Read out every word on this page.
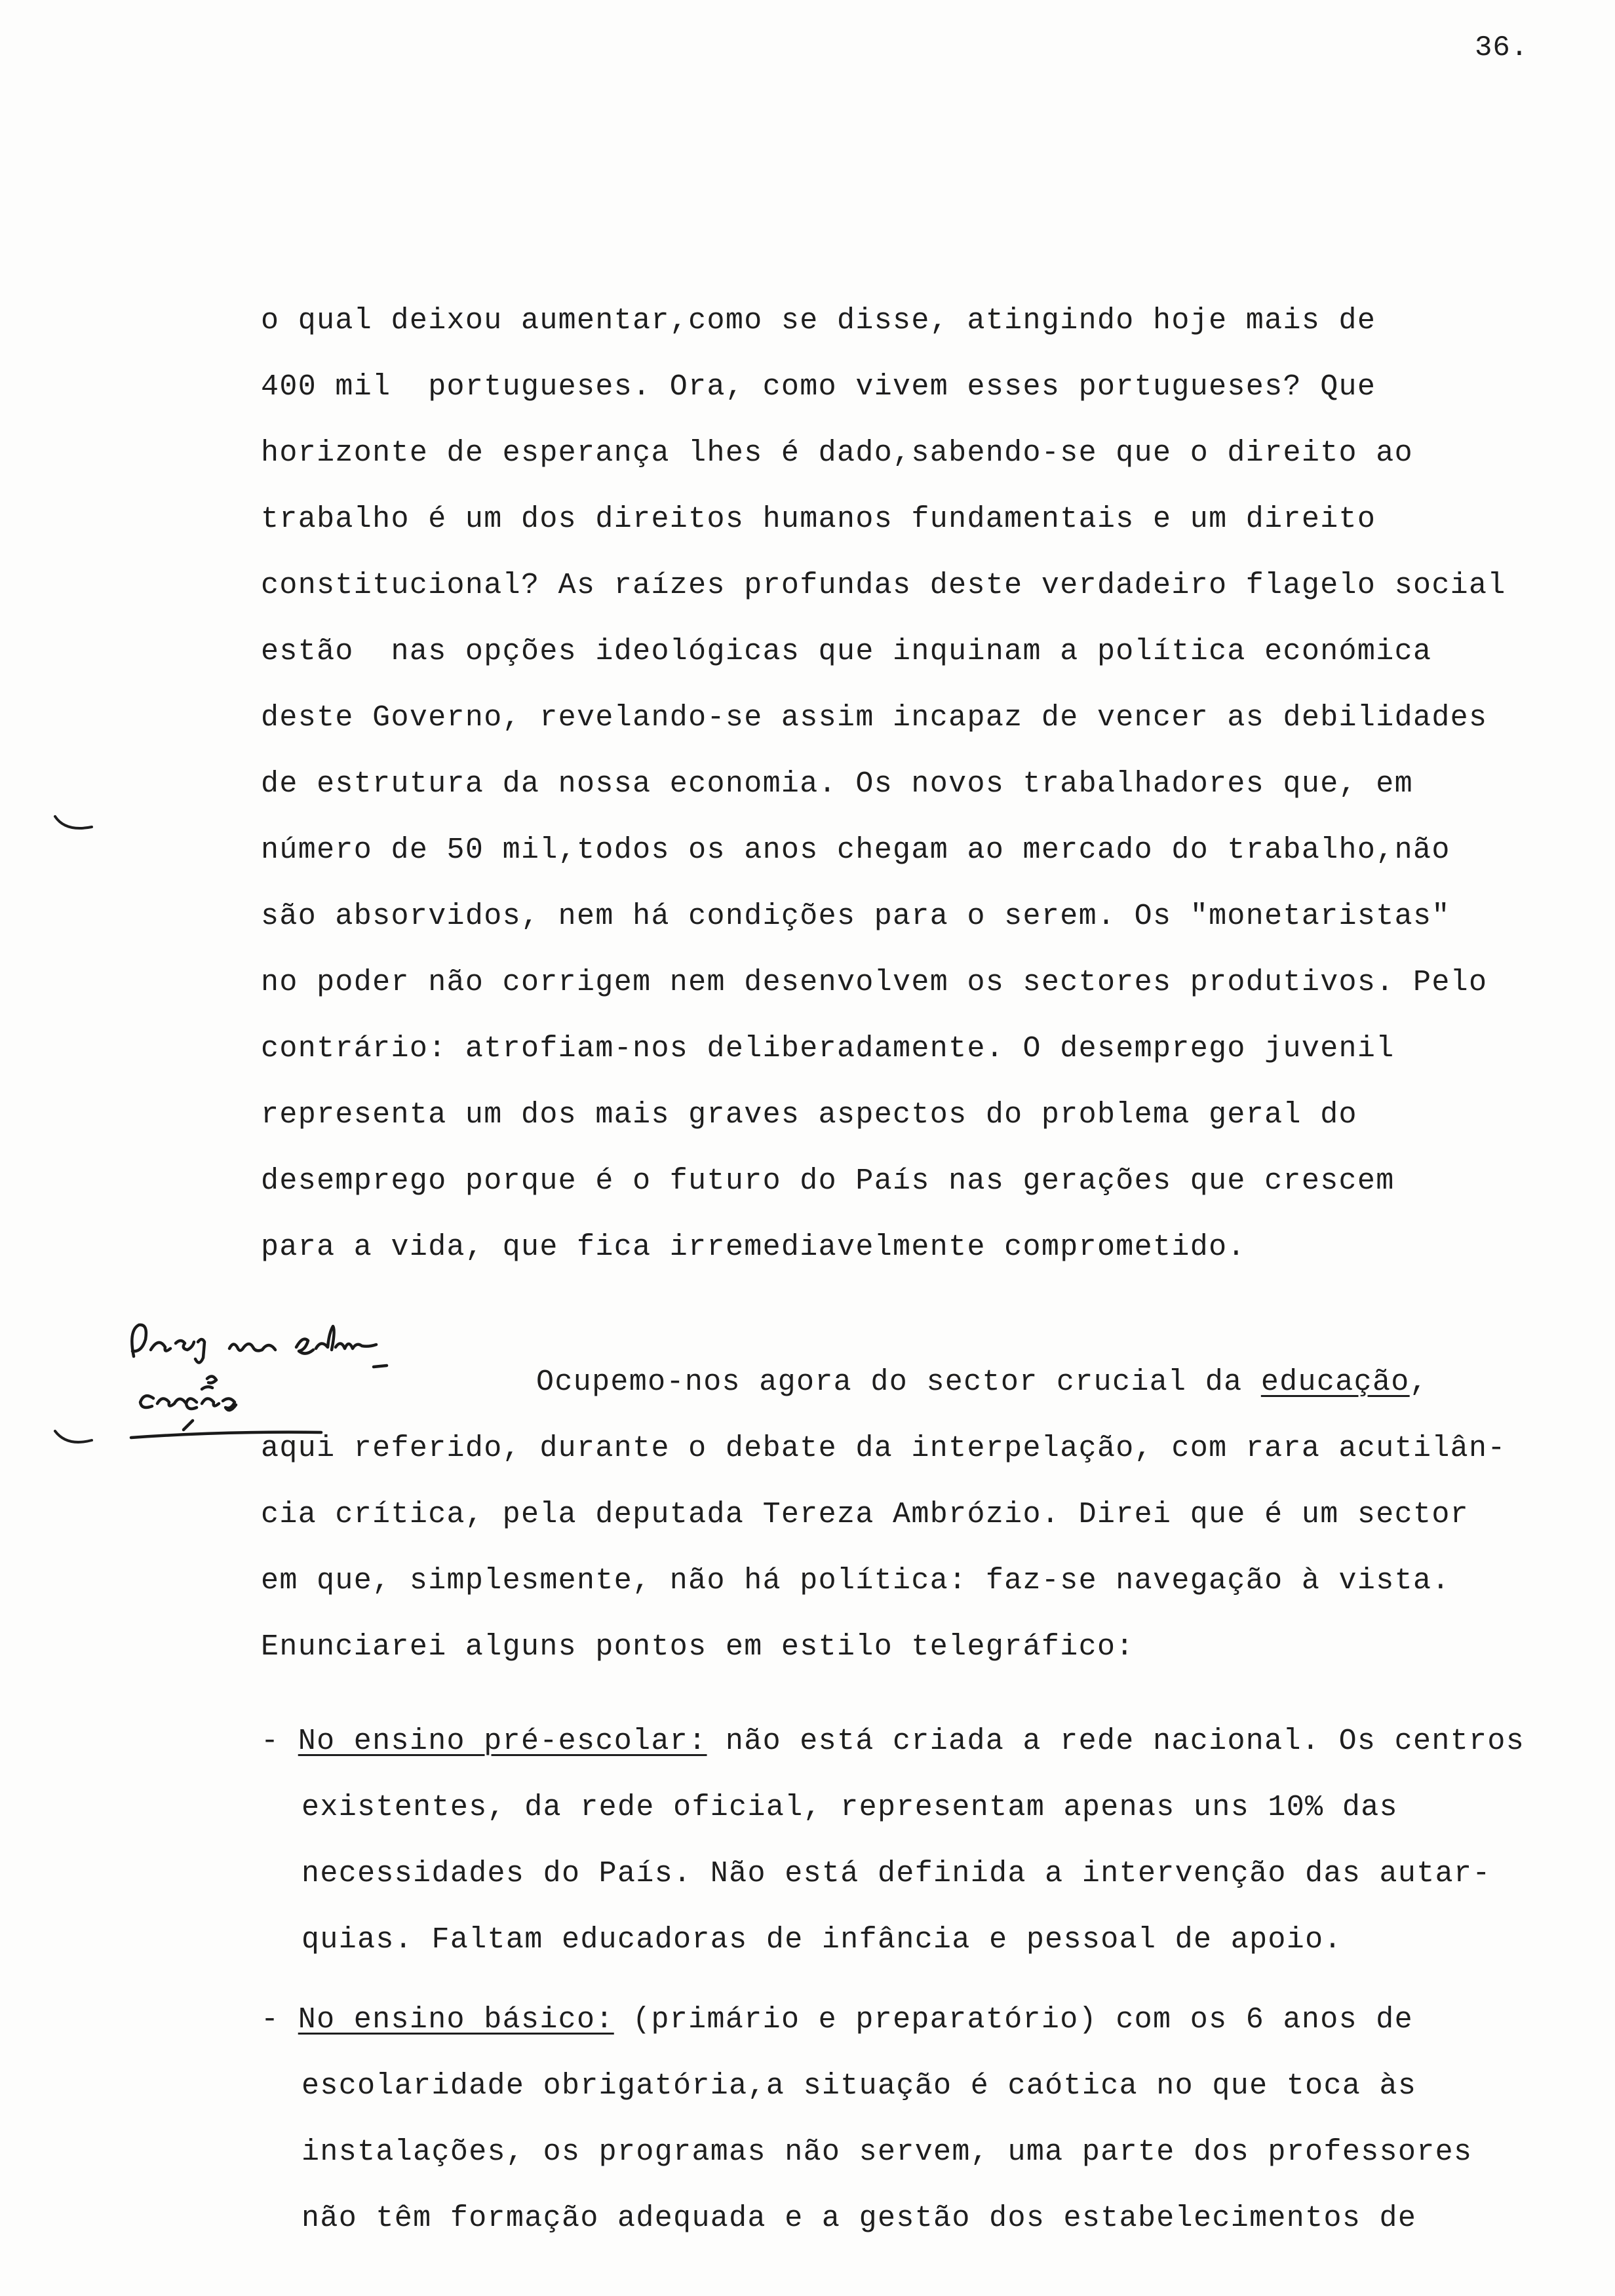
36.
o qual deixou aumentar,como se disse, atingindo hoje mais de
400 mil  portugueses. Ora, como vivem esses portugueses? Que
horizonte de esperança lhes é dado,sabendo-se que o direito ao
trabalho é um dos direitos humanos fundamentais e um direito
constitucional? As raízes profundas deste verdadeiro flagelo social
estão  nas opções ideológicas que inquinam a política económica
deste Governo, revelando-se assim incapaz de vencer as debilidades
de estrutura da nossa economia. Os novos trabalhadores que, em
número de 50 mil,todos os anos chegam ao mercado do trabalho,não
são absorvidos, nem há condições para o serem. Os "monetaristas"
no poder não corrigem nem desenvolvem os sectores produtivos. Pelo
contrário: atrofiam-nos deliberadamente. O desemprego juvenil
representa um dos mais graves aspectos do problema geral do
desemprego porque é o futuro do País nas gerações que crescem
para a vida, que fica irremediavelmente comprometido.
Ocupemo-nos agora do sector crucial da educação,
aqui referido, durante o debate da interpelação, com rara acutilân-
cia crítica, pela deputada Tereza Ambrózio. Direi que é um sector
em que, simplesmente, não há política: faz-se navegação à vista.
Enunciarei alguns pontos em estilo telegráfico:
- No ensino pré-escolar: não está criada a rede nacional. Os centros
existentes, da rede oficial, representam apenas uns 10% das
necessidades do País. Não está definida a intervenção das autar-
quias. Faltam educadoras de infância e pessoal de apoio.
- No ensino básico: (primário e preparatório) com os 6 anos de
escolaridade obrigatória,a situação é caótica no que toca às
instalações, os programas não servem, uma parte dos professores
não têm formação adequada e a gestão dos estabelecimentos de
